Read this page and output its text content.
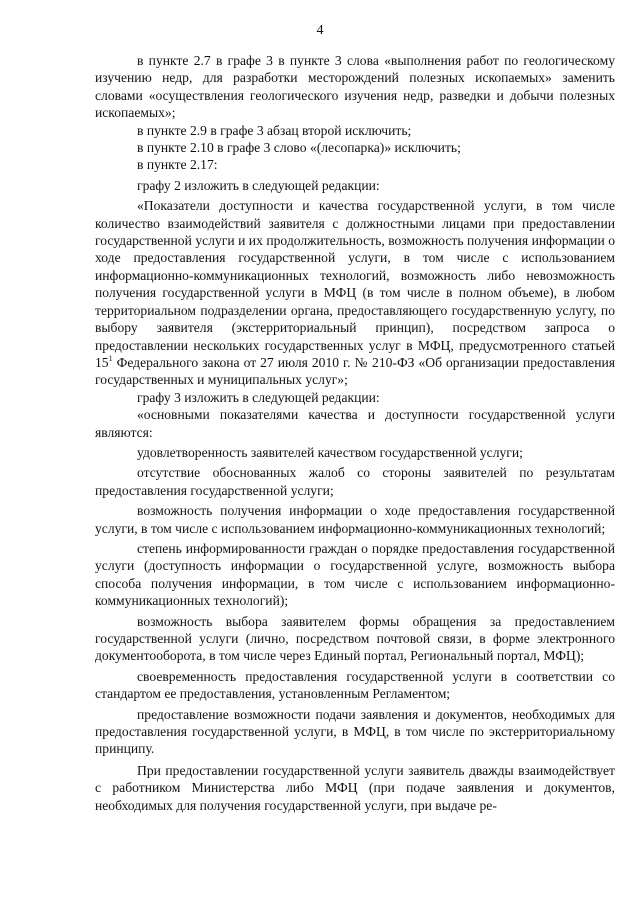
4

в пункте 2.7 в графе 3 в пункте 3 слова «выполнения работ по геологическому изучению недр, для разработки месторождений полезных ископаемых» заменить словами «осуществления геологического изучения недр, разведки и добычи полезных ископаемых»;

в пункте 2.9 в графе 3 абзац второй исключить;

в пункте 2.10 в графе 3 слово «(лесопарка)» исключить;

в пункте 2.17:

графу 2 изложить в следующей редакции:

«Показатели доступности и качества государственной услуги, в том числе количество взаимодействий заявителя с должностными лицами при предоставлении государственной услуги и их продолжительность, возможность получения информации о ходе предоставления государственной услуги, в том числе с использованием информационно-коммуникационных технологий, возможность либо невозможность получения государственной услуги в МФЦ (в том числе в полном объеме), в любом территориальном подразделении органа, предоставляющего государственную услугу, по выбору заявителя (экстерриториальный принцип), посредством запроса о предоставлении нескольких государственных услуг в МФЦ, предусмотренного статьей $15^1$ Федерального закона от 27 июля 2010 г. № 210-ФЗ «Об организации предоставления государственных и муниципальных услуг»;

графу 3 изложить в следующей редакции:

«основными показателями качества и доступности государственной услуги являются:

удовлетворенность заявителей качеством государственной услуги;

отсутствие обоснованных жалоб со стороны заявителей по результатам предоставления государственной услуги;

возможность получения информации о ходе предоставления государственной услуги, в том числе с использованием информационно-коммуникационных технологий;

степень информированности граждан о порядке предоставления государственной услуги (доступность информации о государственной услуге, возможность выбора способа получения информации, в том числе с использованием информационно-коммуникационных технологий);

возможность выбора заявителем формы обращения за предоставлением государственной услуги (лично, посредством почтовой связи, в форме электронного документооборота, в том числе через Единый портал, Региональный портал, МФЦ);

своевременность предоставления государственной услуги в соответствии со стандартом ее предоставления, установленным Регламентом;

предоставление возможности подачи заявления и документов, необходимых для предоставления государственной услуги, в МФЦ, в том числе по экстерриториальному принципу.

При предоставлении государственной услуги заявитель дважды взаимодействует с работником Министерства либо МФЦ (при подаче заявления и документов, необходимых для получения государственной услуги, при выдаче ре-
